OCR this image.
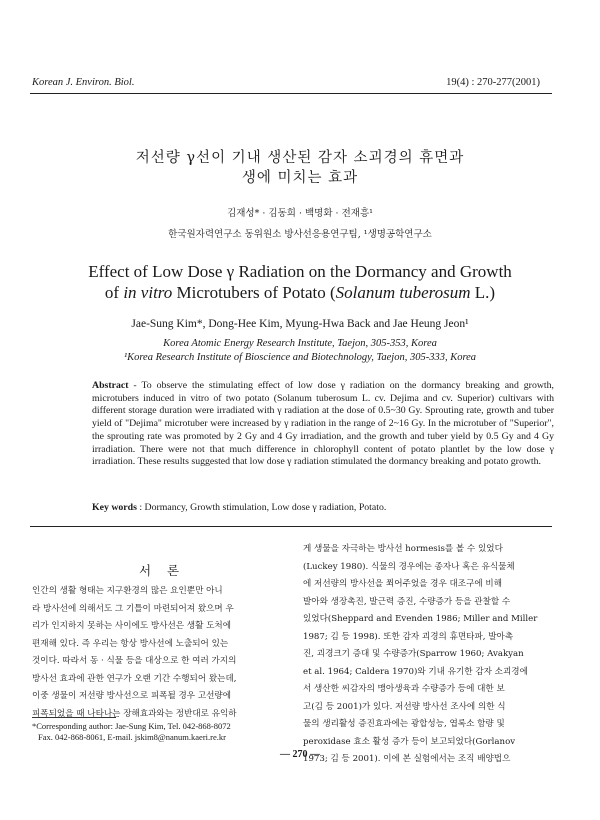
Korean J. Environ. Biol.	19(4) : 270-277(2001)
저선량 γ선이 기내 생산된 감자 소괴경의 휴면과
생에 미치는 효과
김재성* · 김동희 · 백명화 · 전재흥¹
한국원자력연구소 동위원소 방사선응용연구팀, ¹생명공학연구소
Effect of Low Dose γ Radiation on the Dormancy and Growth
of in vitro Microtubers of Potato (Solanum tuberosum L.)
Jae-Sung Kim*, Dong-Hee Kim, Myung-Hwa Back and Jae Heung Jeon¹
Korea Atomic Energy Research Institute, Taejon, 305-353, Korea
¹Korea Research Institute of Bioscience and Biotechnology, Taejon, 305-333, Korea
Abstract - To observe the stimulating effect of low dose γ radiation on the dormancy breaking and growth, microtubers induced in vitro of two potato (Solanum tuberosum L. cv. Dejima and cv. Superior) cultivars with different storage duration were irradiated with γ radiation at the dose of 0.5~30 Gy. Sprouting rate, growth and tuber yield of "Dejima" microtuber were increased by γ radiation in the range of 2~16 Gy. In the microtuber of "Superior", the sprouting rate was promoted by 2 Gy and 4 Gy irradiation, and the growth and tuber yield by 0.5 Gy and 4 Gy irradiation. There were not that much difference in chlorophyll content of potato plantlet by the low dose γ irradiation. These results suggested that low dose γ radiation stimulated the dormancy breaking and potato growth.
Key words : Dormancy, Growth stimulation, Low dose γ radiation, Potato.
서 론
인간의 생활 형태는 지구환경의 많은 요인뿐만 아니
라 방사선에 의해서도 그 기틀이 마련되어져 왔으며 우
리가 인지하지 못하는 사이에도 방사선은 생활 도처에
편재해 있다. 즉 우리는 항상 방사선에 노출되어 있는
것이다. 따라서 동 · 식물 등을 대상으로 한 여러 가지의
방사선 효과에 관한 연구가 오랜 기간 수행되어 왔는데,
이중 생물이 저선량 방사선으로 피폭될 경우 고선량에
피폭되었을 때 나타나는 장해효과와는 정반대로 유익하
게 생물을 자극하는 방사선 hormesis를 볼 수 있었다
(Luckey 1980). 식물의 경우에는 종자나 혹은 유식물체
에 저선량의 방사선을 쬐어주었을 경우 대조구에 비해
발아와 생장촉진, 발근력 증진, 수량증가 등을 관찰할 수
있었다(Sheppard and Evenden 1986; Miller and Miller
1987; 김 등 1998). 또한 감자 괴경의 휴면타파, 발아촉
진, 괴경크기 증대 및 수량증가(Sparrow 1960; Avakyan
et al. 1964; Caldera 1970)와 기내 유기한 감자 소괴경에
서 생산한 씨감자의 맹아생육과 수량증가 등에 대한 보
고(김 등 2001)가 있다. 저선량 방사선 조사에 의한 식
물의 생리활성 증진효과에는 광합성능, 엽록소 함량 및
peroxidase 효소 활성 증가 등이 보고되었다(Gorlanov
1973; 김 등 2001). 이에 본 실험에서는 조직 배양법으
*Corresponding author: Jae-Sung Kim, Tel. 042-868-8072
Fax. 042-868-8061, E-mail. jskim8@nanum.kaeri.re.kr
— 270 —
